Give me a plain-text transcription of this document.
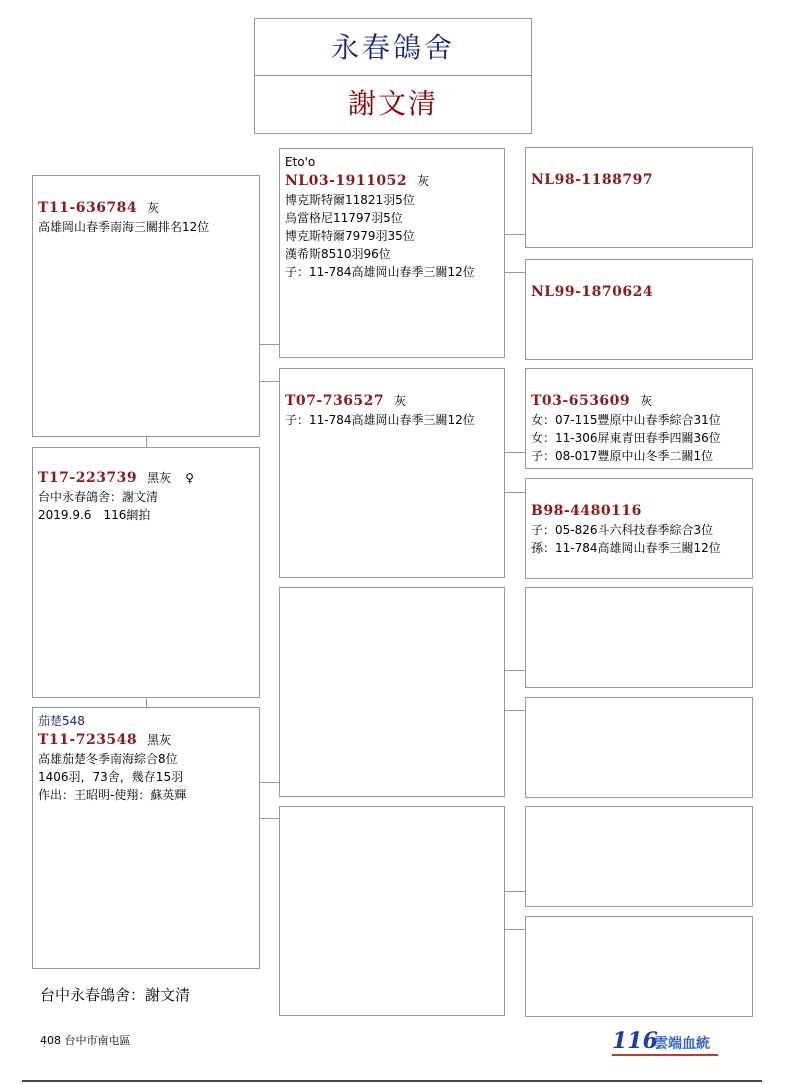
永春鴿舍
謝文清
T11-636784 灰
高雄岡山春季南海三關排名12位
T17-223739 黑灰 ♀
台中永春鴿舍：謝文清
2019.9.6　116網拍
茄楚548
T11-723548 黑灰
高雄茄楚冬季南海綜合8位
1406羽，73舍，幾存15羽
作出：王昭明-使翔：蘇英輝
Eto'o
NL03-1911052 灰
博克斯特爾11821羽5位
烏當格尼11797羽5位
博克斯特爾7979羽35位
漢希斯8510羽96位
子：11-784高雄岡山春季三關12位
T07-736527 灰
子：11-784高雄岡山春季三關12位
NL98-1188797
NL99-1870624
T03-653609 灰
女：07-115豐原中山春季綜合31位
女：11-306屏東青田春季四關36位
子：08-017豐原中山冬季二關1位
B98-4480116
子：05-826斗六科技春季綜合3位
孫：11-784高雄岡山春季三關12位
台中永春鴿舍：謝文清
408 台中市南屯區	116
雲端血統
